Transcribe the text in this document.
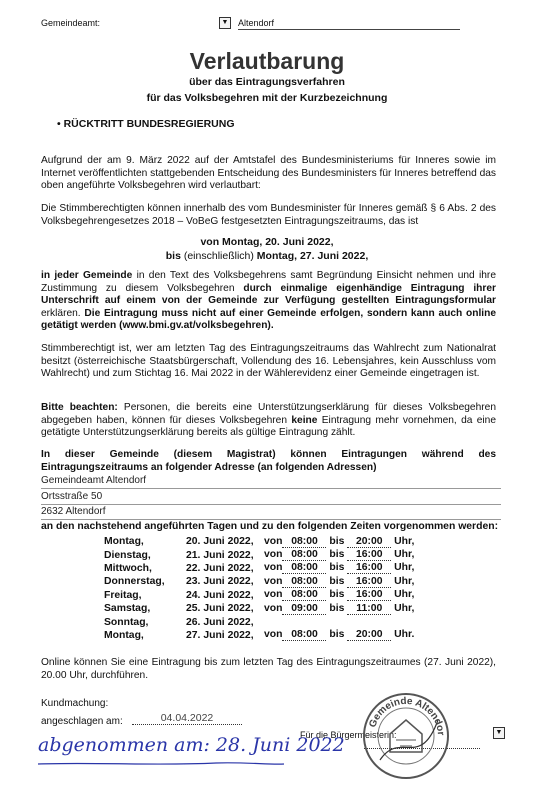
Gemeindeamt:	▼ Altendorf
Verlautbarung
über das Eintragungsverfahren
für das Volksbegehren mit der Kurzbezeichnung
• RÜCKTRITT BUNDESREGIERUNG

Aufgrund der am 9. März 2022 auf der Amtstafel des Bundesministeriums für Inneres sowie im Internet veröffentlichten stattgebenden Entscheidung des Bundesministers für Inneres betreffend das oben angeführte Volksbegehren wird verlautbart:

Die Stimmberechtigten können innerhalb des vom Bundesminister für Inneres gemäß § 6 Abs. 2 des Volksbegehrengesetzes 2018 – VoBeG festgesetzten Eintragungszeitraums, das ist

von Montag, 20. Juni 2022,
bis (einschließlich) Montag, 27. Juni 2022,

in jeder Gemeinde in den Text des Volksbegehrens samt Begründung Einsicht nehmen und ihre Zustimmung zu diesem Volksbegehren durch einmalige eigenhändige Eintragung ihrer Unterschrift auf einem von der Gemeinde zur Verfügung gestellten Eintragungsformular erklären. Die Eintragung muss nicht auf einer Gemeinde erfolgen, sondern kann auch online getätigt werden (www.bmi.gv.at/volksbegehren).

Stimmberechtigt ist, wer am letzten Tag des Eintragungszeitraums das Wahlrecht zum Nationalrat besitzt (österreichische Staatsbürgerschaft, Vollendung des 16. Lebensjahres, kein Ausschluss vom Wahlrecht) und zum Stichtag 16. Mai 2022 in der Wählerevidenz einer Gemeinde eingetragen ist.

Bitte beachten: Personen, die bereits eine Unterstützungserklärung für dieses Volksbegehren abgegeben haben, können für dieses Volksbegehren keine Eintragung mehr vornehmen, da eine getätigte Unterstützungserklärung bereits als gültige Eintragung zählt.

In dieser Gemeinde (diesem Magistrat) können Eintragungen während des Eintragungszeitraums an folgender Adresse (an folgenden Adressen)

Gemeindeamt Altendorf
Ortsstraße 50
2632 Altendorf
an den nachstehend angeführten Tagen und zu den folgenden Zeiten vorgenommen werden:
Montag,	20. Juni 2022,	von 08:00 bis 20:00 Uhr,
Dienstag,	21. Juni 2022,	von 08:00 bis 16:00 Uhr,
Mittwoch,	22. Juni 2022,	von 08:00 bis 16:00 Uhr,
Donnerstag,	23. Juni 2022,	von 08:00 bis 16:00 Uhr,
Freitag,	24. Juni 2022,	von 08:00 bis 16:00 Uhr,
Samstag,	25. Juni 2022,	von 09:00 bis 11:00 Uhr,
Sonntag,	26. Juni 2022,	
Montag,	27. Juni 2022,	von 08:00 bis 20:00 Uhr.

Online können Sie eine Eintragung bis zum letzten Tag des Eintragungszeitraumes (27. Juni 2022), 20.00 Uhr, durchführen.

Kundmachung:
angeschlagen am:	04.04.2022
Für die Bürgermeisterin:	▼
Gemeinde Altendor
abgenommen am: 28. Juni 2022
